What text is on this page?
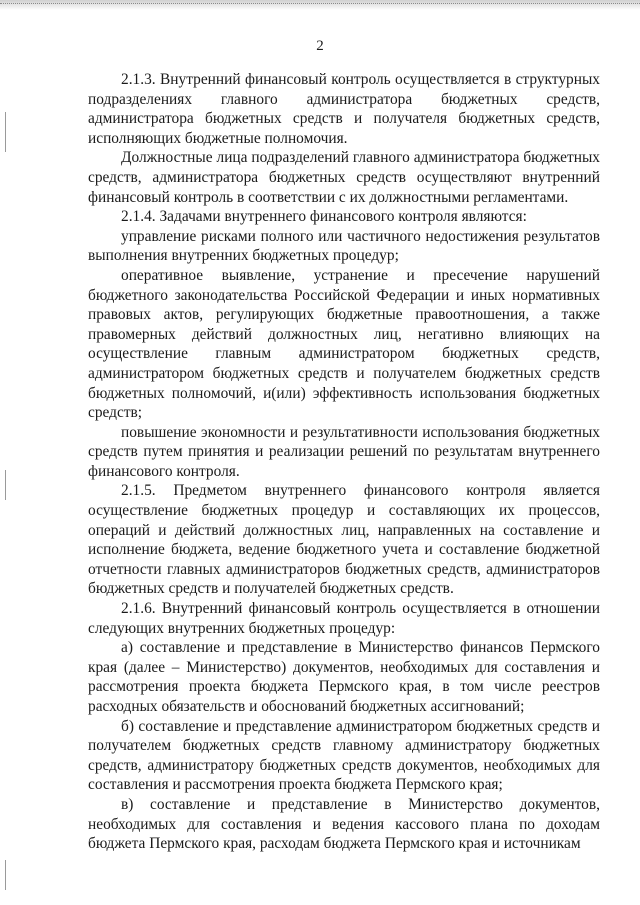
2

2.1.3. Внутренний финансовый контроль осуществляется в структурных подразделениях главного администратора бюджетных средств, администратора бюджетных средств и получателя бюджетных средств, исполняющих бюджетные полномочия.

Должностные лица подразделений главного администратора бюджетных средств, администратора бюджетных средств осуществляют внутренний финансовый контроль в соответствии с их должностными регламентами.

2.1.4. Задачами внутреннего финансового контроля являются:

управление рисками полного или частичного недостижения результатов выполнения внутренних бюджетных процедур;

оперативное выявление, устранение и пресечение нарушений бюджетного законодательства Российской Федерации и иных нормативных правовых актов, регулирующих бюджетные правоотношения, а также правомерных действий должностных лиц, негативно влияющих на осуществление главным администратором бюджетных средств, администратором бюджетных средств и получателем бюджетных средств бюджетных полномочий, и(или) эффективность использования бюджетных средств;

повышение экономности и результативности использования бюджетных средств путем принятия и реализации решений по результатам внутреннего финансового контроля.

2.1.5. Предметом внутреннего финансового контроля является осуществление бюджетных процедур и составляющих их процессов, операций и действий должностных лиц, направленных на составление и исполнение бюджета, ведение бюджетного учета и составление бюджетной отчетности главных администраторов бюджетных средств, администраторов бюджетных средств и получателей бюджетных средств.

2.1.6. Внутренний финансовый контроль осуществляется в отношении следующих внутренних бюджетных процедур:

а) составление и представление в Министерство финансов Пермского края (далее – Министерство) документов, необходимых для составления и рассмотрения проекта бюджета Пермского края, в том числе реестров расходных обязательств и обоснований бюджетных ассигнований;

б) составление и представление администратором бюджетных средств и получателем бюджетных средств главному администратору бюджетных средств, администратору бюджетных средств документов, необходимых для составления и рассмотрения проекта бюджета Пермского края;

в) составление и представление в Министерство документов, необходимых для составления и ведения кассового плана по доходам бюджета Пермского края, расходам бюджета Пермского края и источникам
